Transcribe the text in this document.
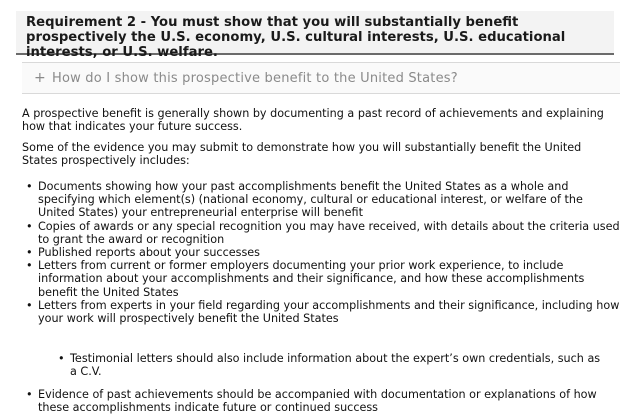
Requirement 2 - You must show that you will substantially benefit prospectively the U.S. economy, U.S. cultural interests, U.S. educational interests, or U.S. welfare.
+ How do I show this prospective benefit to the United States?
A prospective benefit is generally shown by documenting a past record of achievements and explaining how that indicates your future success.
Some of the evidence you may submit to demonstrate how you will substantially benefit the United States prospectively includes:
• Documents showing how your past accomplishments benefit the United States as a whole and specifying which element(s) (national economy, cultural or educational interest, or welfare of the United States) your entrepreneurial enterprise will benefit
• Copies of awards or any special recognition you may have received, with details about the criteria used to grant the award or recognition
• Published reports about your successes
• Letters from current or former employers documenting your prior work experience, to include information about your accomplishments and their significance, and how these accomplishments benefit the United States
• Letters from experts in your field regarding your accomplishments and their significance, including how your work will prospectively benefit the United States
• Testimonial letters should also include information about the expert’s own credentials, such as a C.V.
• Evidence of past achievements should be accompanied with documentation or explanations of how these accomplishments indicate future or continued success
